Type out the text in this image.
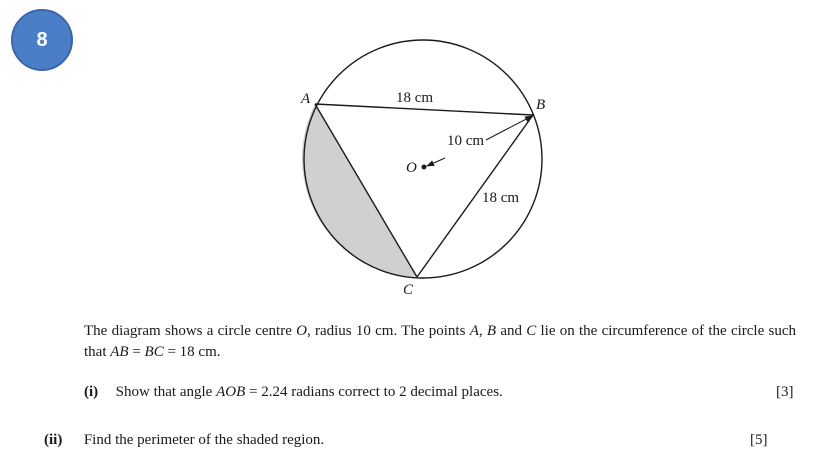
8
A	B
C
O
18 cm
10 cm
18 cm
The diagram shows a circle centre O, radius 10 cm. The points A, B and C lie on the circumference of the circle such that AB = BC = 18 cm.
(i) Show that angle AOB = 2.24 radians correct to 2 decimal places.	[3]
(ii) Find the perimeter of the shaded region.	[5]
